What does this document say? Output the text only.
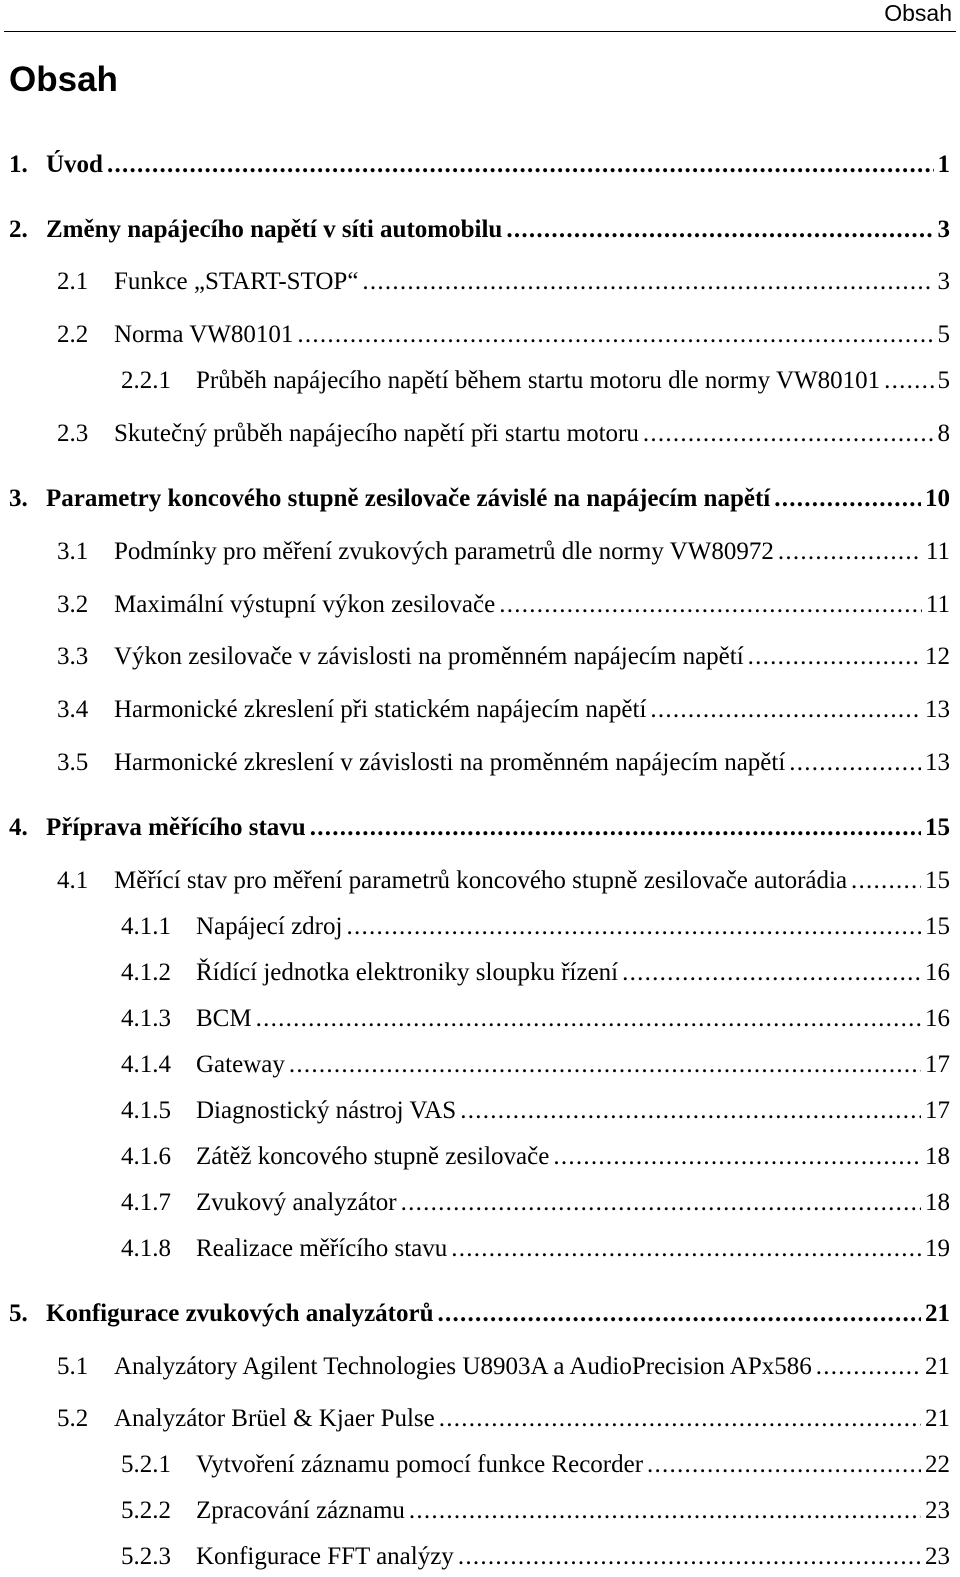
Obsah
Obsah
1. Úvod . . .	1
2. Změny napájecího napětí v síti automobilu . . .	3
2.1	Funkce „START-STOP“ . . .	3
2.2	Norma VW80101 . . .	5
2.2.1	Průběh napájecího napětí během startu motoru dle normy VW80101 . . . 5
2.3	Skutečný průběh napájecího napětí při startu motoru . . .	8
3. Parametry koncového stupně zesilovače závislé na napájecím napětí . . .	10
3.1	Podmínky pro měření zvukových parametrů dle normy VW80972 . . .	11
3.2	Maximální výstupní výkon zesilovače . . .	11
3.3	Výkon zesilovače v závislosti na proměnném napájecím napětí . . .	12
3.4	Harmonické zkreslení při statickém napájecím napětí . . .	13
3.5	Harmonické zkreslení v závislosti na proměnném napájecím napětí . . .	13
4. Příprava měřícího stavu . . .	15
4.1	Měřící stav pro měření parametrů koncového stupně zesilovače autorádia . . .	15
4.1.1	Napájecí zdroj . . .	15
4.1.2	Řídící jednotka elektroniky sloupku řízení . . .	16
4.1.3	BCM . . .	16
4.1.4	Gateway . . .	17
4.1.5	Diagnostický nástroj VAS . . .	17
4.1.6	Zátěž koncového stupně zesilovače . . .	18
4.1.7	Zvukový analyzátor . . .	18
4.1.8	Realizace měřícího stavu . . .	19
5. Konfigurace zvukových analyzátorů . . .	21
5.1	Analyzátory Agilent Technologies U8903A a AudioPrecision APx586 . . .	21
5.2	Analyzátor Brüel & Kjaer Pulse . . .	21
5.2.1	Vytvoření záznamu pomocí funkce Recorder . . .	22
5.2.2	Zpracování záznamu . . .	23
5.2.3	Konfigurace FFT analýzy . . .	23
